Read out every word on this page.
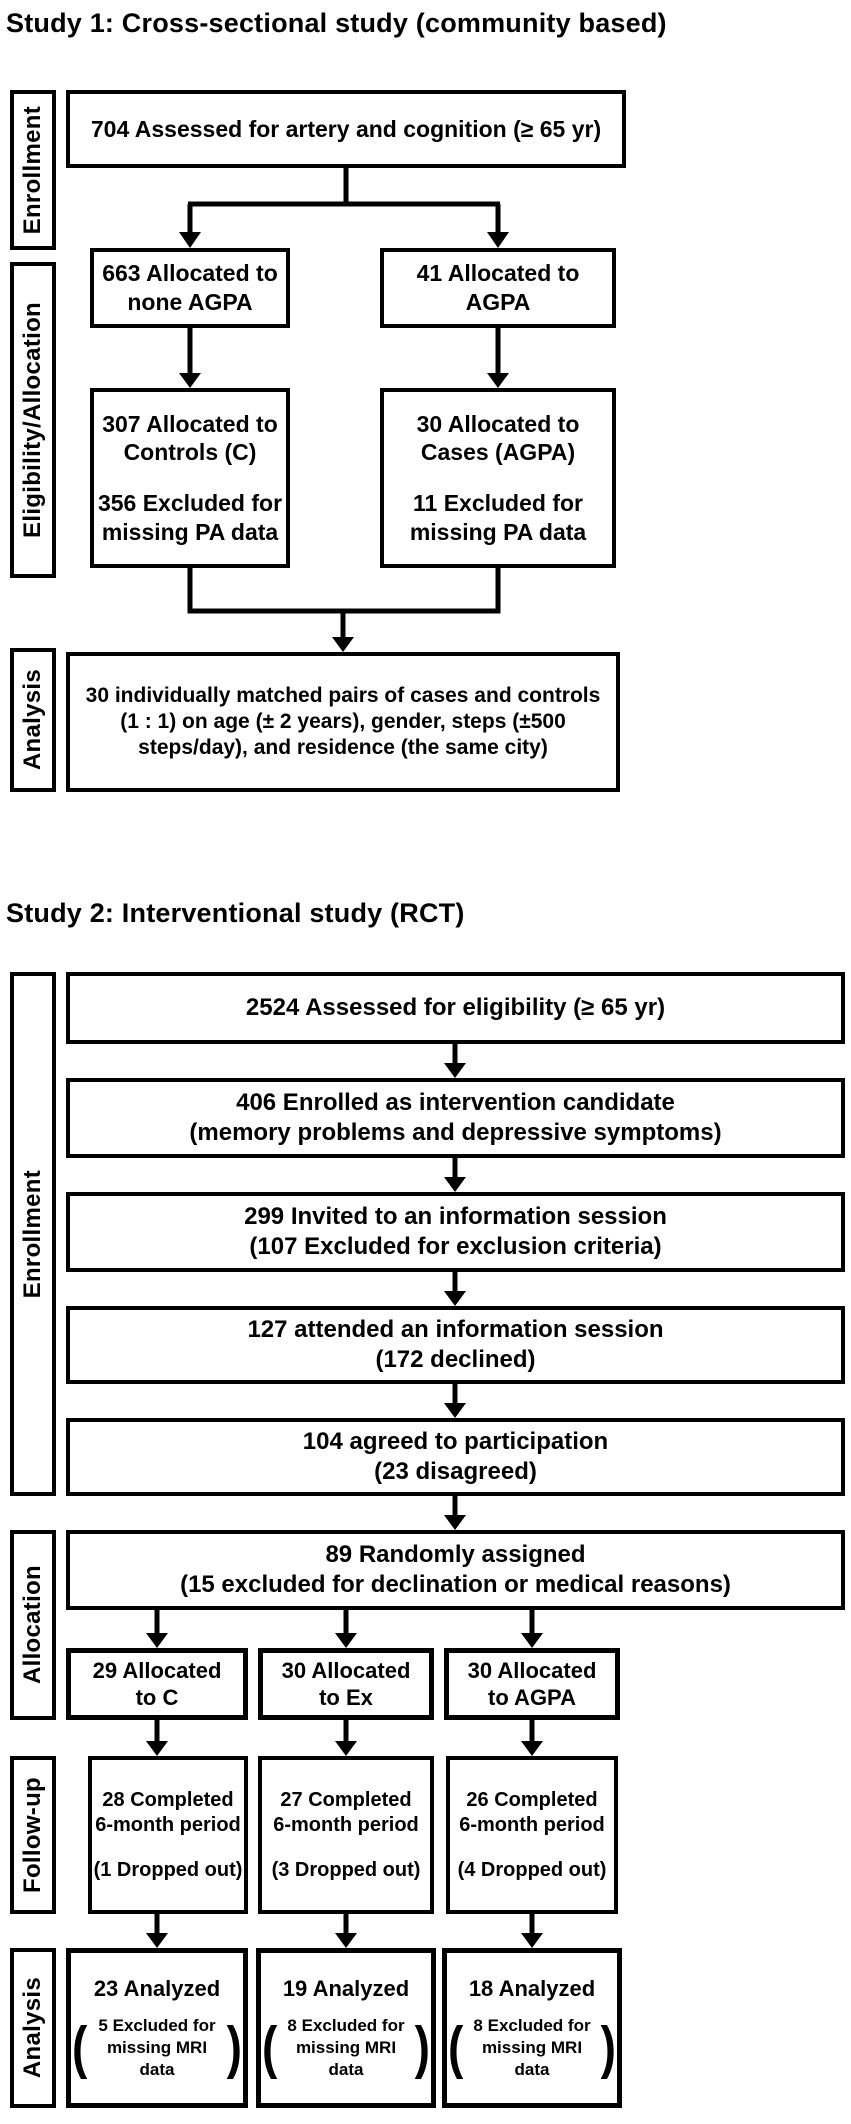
Study 1: Cross-sectional study (community based)
Enrollment
Eligibility/Allocation
Analysis
704 Assessed for artery and cognition (≥ 65 yr)
663 Allocated to
none AGPA
41 Allocated to
AGPA
307 Allocated to
Controls (C)
356 Excluded for
missing PA data
30 Allocated to
Cases (AGPA)
11 Excluded for
missing PA data
30 individually matched pairs of cases and controls
(1 : 1) on age (± 2 years), gender, steps (±500
steps/day), and residence (the same city)
Study 2: Interventional study (RCT)
Enrollment
Allocation
Follow-up
Analysis
2524 Assessed for eligibility (≥ 65 yr)
406 Enrolled as intervention candidate
(memory problems and depressive symptoms)
299 Invited to an information session
(107 Excluded for exclusion criteria)
127 attended an information session
(172 declined)
104 agreed to participation
(23 disagreed)
89 Randomly assigned
(15 excluded for declination or medical reasons)
29 Allocated
to C
30 Allocated
to Ex
30 Allocated
to AGPA
28 Completed
6-month period
(1 Dropped out)
27 Completed
6-month period
(3 Dropped out)
26 Completed
6-month period
(4 Dropped out)
23 Analyzed
( 5 Excluded for
missing MRI data	)
19 Analyzed
( 8 Excluded for
missing MRI data	)
18 Analyzed
( 8 Excluded for
missing MRI data	)
